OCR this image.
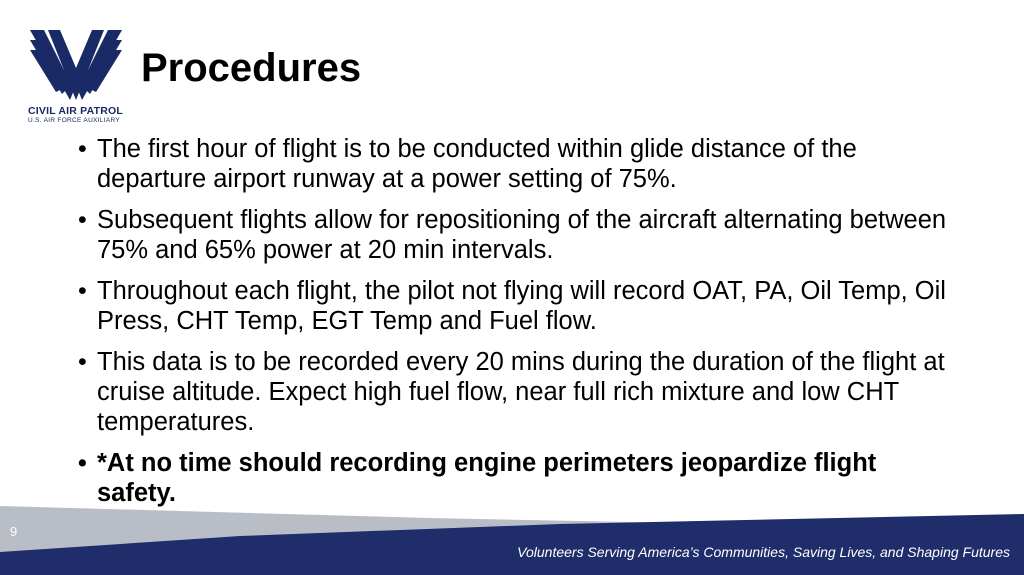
CIVIL AIR PATROL
U.S. AIR FORCE AUXILIARY
Procedures
• The first hour of flight is to be conducted within glide distance of the departure airport runway at a power setting of 75%.
• Subsequent flights allow for repositioning of the aircraft alternating between 75% and 65% power at 20 min intervals.
• Throughout each flight, the pilot not flying will record OAT, PA, Oil Temp, Oil Press, CHT Temp, EGT Temp and Fuel flow.
• This data is to be recorded every 20 mins during the duration of the flight at cruise altitude. Expect high fuel flow, near full rich mixture and low CHT temperatures.
• *At no time should recording engine perimeters jeopardize flight safety.
9
Volunteers Serving America’s Communities, Saving Lives, and Shaping Futures
